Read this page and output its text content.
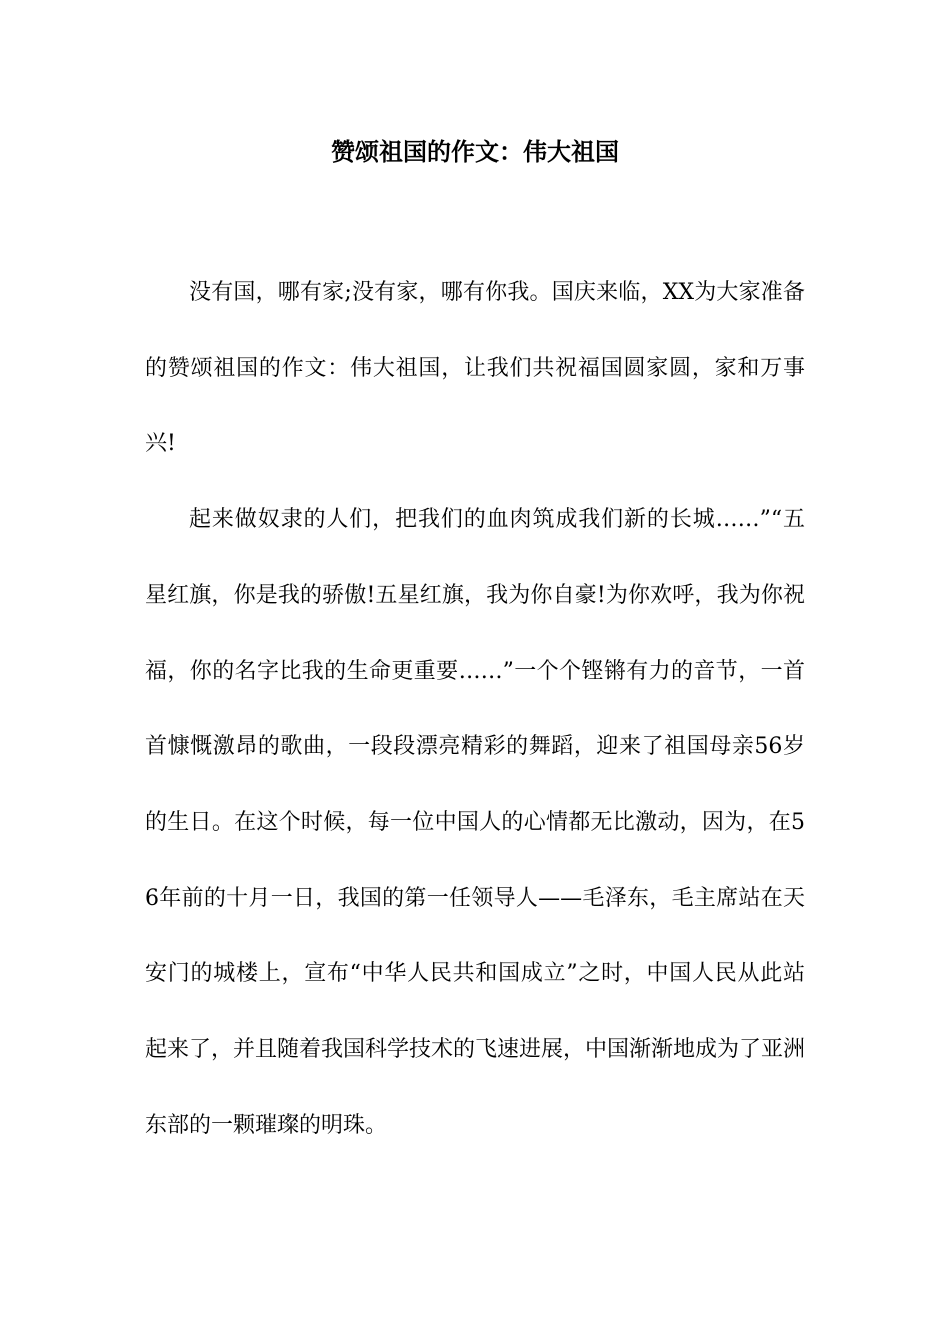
赞颂祖国的作文：伟大祖国

没有国，哪有家;没有家，哪有你我。国庆来临，XX为大家准备的赞颂祖国的作文：伟大祖国，让我们共祝福国圆家圆，家和万事兴!

起来做奴隶的人们，把我们的血肉筑成我们新的长城……”“五星红旗，你是我的骄傲!五星红旗，我为你自豪!为你欢呼，我为你祝福，你的名字比我的生命更重要……”一个个铿锵有力的音节，一首首慷慨激昂的歌曲，一段段漂亮精彩的舞蹈，迎来了祖国母亲56岁的生日。在这个时候，每一位中国人的心情都无比激动，因为，在56年前的十月一日，我国的第一任领导人——毛泽东，毛主席站在天安门的城楼上，宣布“中华人民共和国成立”之时，中国人民从此站起来了，并且随着我国科学技术的飞速进展，中国渐渐地成为了亚洲东部的一颗璀璨的明珠。
